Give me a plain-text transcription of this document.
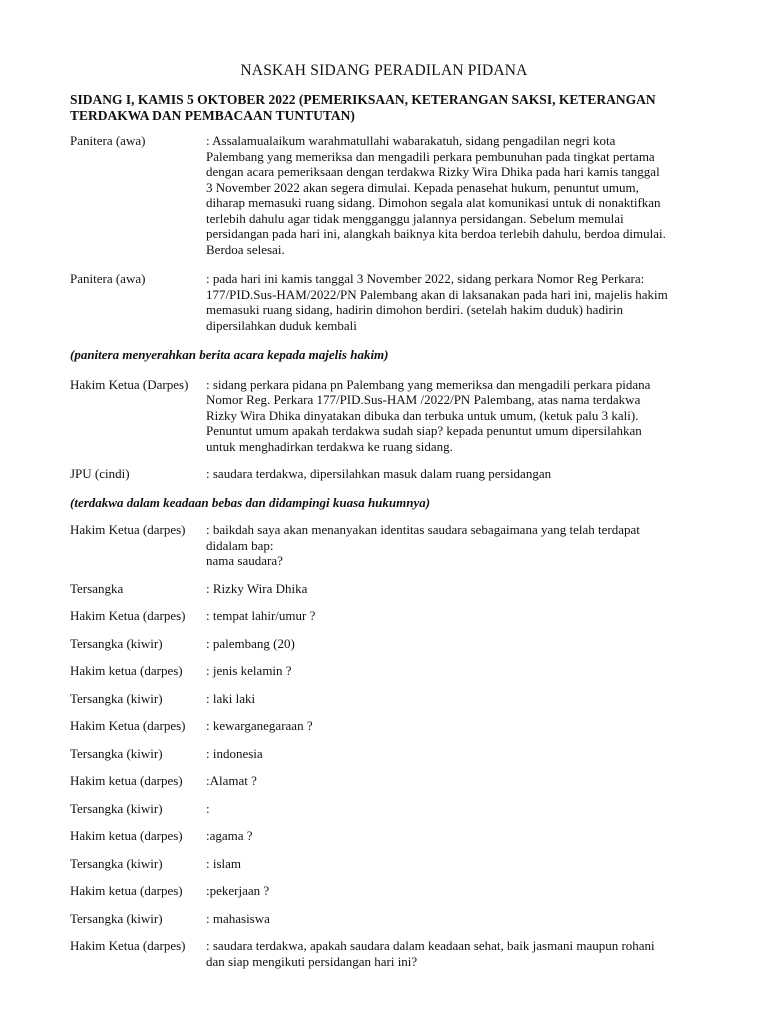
NASKAH SIDANG PERADILAN PIDANA
SIDANG I, KAMIS 5 OKTOBER 2022 (PEMERIKSAAN, KETERANGAN SAKSI, KETERANGAN TERDAKWA DAN PEMBACAAN TUNTUTAN)
Panitera (awa)	: Assalamualaikum warahmatullahi wabarakatuh, sidang pengadilan negri kota
Palembang yang memeriksa dan mengadili perkara pembunuhan pada tingkat pertama
dengan acara pemeriksaan dengan terdakwa Rizky Wira Dhika pada hari kamis tanggal
3 November 2022 akan segera dimulai. Kepada penasehat hukum, penuntut umum,
diharap memasuki ruang sidang. Dimohon segala alat komunikasi untuk di nonaktifkan
terlebih dahulu agar tidak mengganggu jalannya persidangan. Sebelum memulai
persidangan pada hari ini, alangkah baiknya kita berdoa terlebih dahulu, berdoa dimulai.
Berdoa selesai.
Panitera (awa)	: pada hari ini kamis tanggal 3 November 2022, sidang perkara Nomor Reg Perkara:
177/PID.Sus-HAM/2022/PN Palembang akan di laksanakan pada hari ini, majelis hakim
memasuki ruang sidang, hadirin dimohon berdiri. (setelah hakim duduk) hadirin
dipersilahkan duduk kembali
(panitera menyerahkan berita acara kepada majelis hakim)
Hakim Ketua (Darpes)	: sidang perkara pidana pn Palembang yang memeriksa dan mengadili perkara pidana
Nomor Reg. Perkara 177/PID.Sus-HAM /2022/PN Palembang, atas nama terdakwa
Rizky Wira Dhika dinyatakan dibuka dan terbuka untuk umum, (ketuk palu 3 kali).
Penuntut umum apakah terdakwa sudah siap? kepada penuntut umum dipersilahkan
untuk menghadirkan terdakwa ke ruang sidang.
JPU (cindi)	: saudara terdakwa, dipersilahkan masuk dalam ruang persidangan
(terdakwa dalam keadaan bebas dan didampingi kuasa hukumnya)
Hakim Ketua (darpes)	: baikdah saya akan menanyakan identitas saudara sebagaimana yang telah terdapat
didalam bap:
nama saudara?
Tersangka	: Rizky Wira Dhika
Hakim Ketua (darpes)	: tempat lahir/umur ?
Tersangka (kiwir)	: palembang (20)
Hakim ketua (darpes)	: jenis kelamin ?
Tersangka (kiwir)	: laki laki
Hakim Ketua (darpes)	: kewarganegaraan ?
Tersangka (kiwir)	: indonesia
Hakim ketua (darpes)	:Alamat ?
Tersangka (kiwir)	:
Hakim ketua (darpes)	:agama ?
Tersangka (kiwir)	: islam
Hakim ketua (darpes)	:pekerjaan ?
Tersangka (kiwir)	: mahasiswa
Hakim Ketua (darpes)	: saudara terdakwa, apakah saudara dalam keadaan sehat, baik jasmani maupun rohani
dan siap mengikuti persidangan hari ini?
